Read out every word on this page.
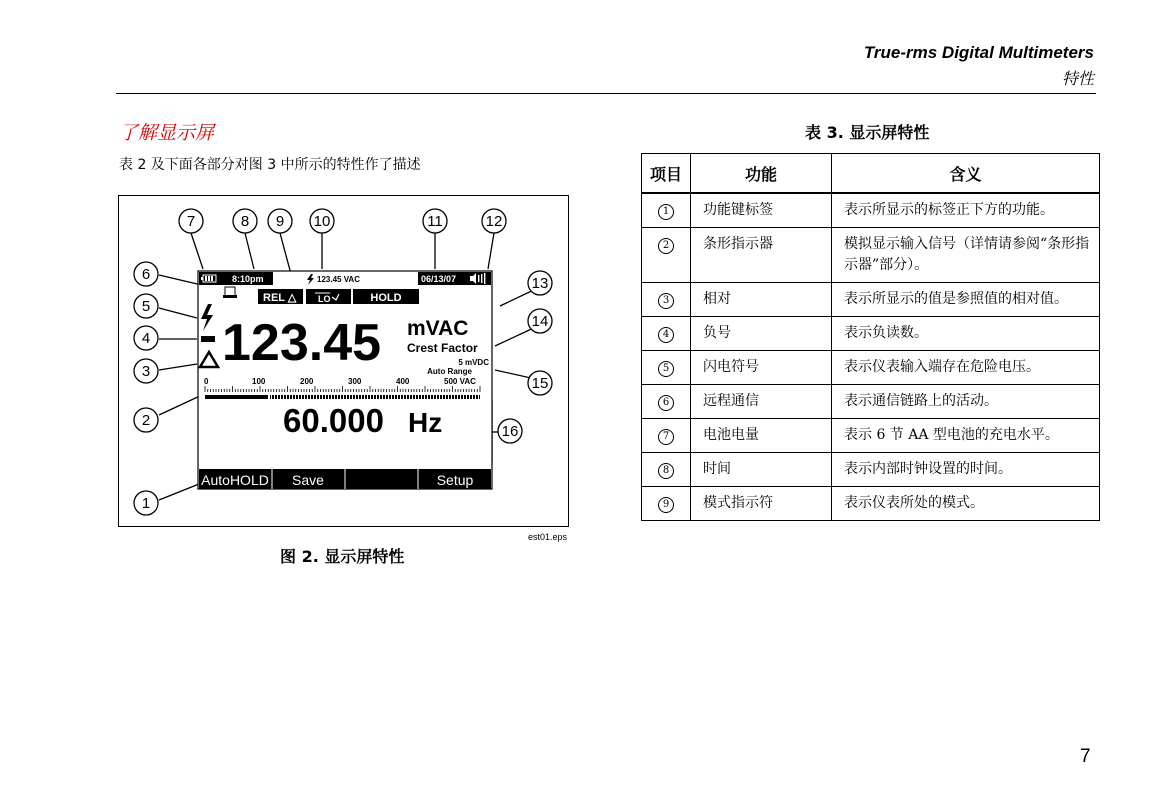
True-rms Digital Multimeters
特性
了解显示屏
表 2 及下面各部分对图 3 中所示的特性作了描述
7	8 9 10	11	12
13
14
15
16
6
5
4
3
2
1
8:10pm	123.45 VAC	06/13/07
REL △ LO	HOLD
123.45 mVAC
Crest Factor
5 mVDC
Auto Range
0	100	200	300	400	500 VAC
60.000 Hz
AutoHOLD Save	Setup
est01.eps
图 2. 显示屏特性
表 3. 显示屏特性
项目	功能	含义
1	功能键标签	表示所显示的标签正下方的功能。
2	条形指示器	模拟显示输入信号（详情请参阅“条形指示器”部分）。
3	相对	表示所显示的值是参照值的相对值。
4	负号	表示负读数。
5	闪电符号	表示仪表输入端存在危险电压。
6	远程通信	表示通信链路上的活动。
7	电池电量	表示 6 节 AA 型电池的充电水平。
8	时间	表示内部时钟设置的时间。
9	模式指示符	表示仪表所处的模式。
7
